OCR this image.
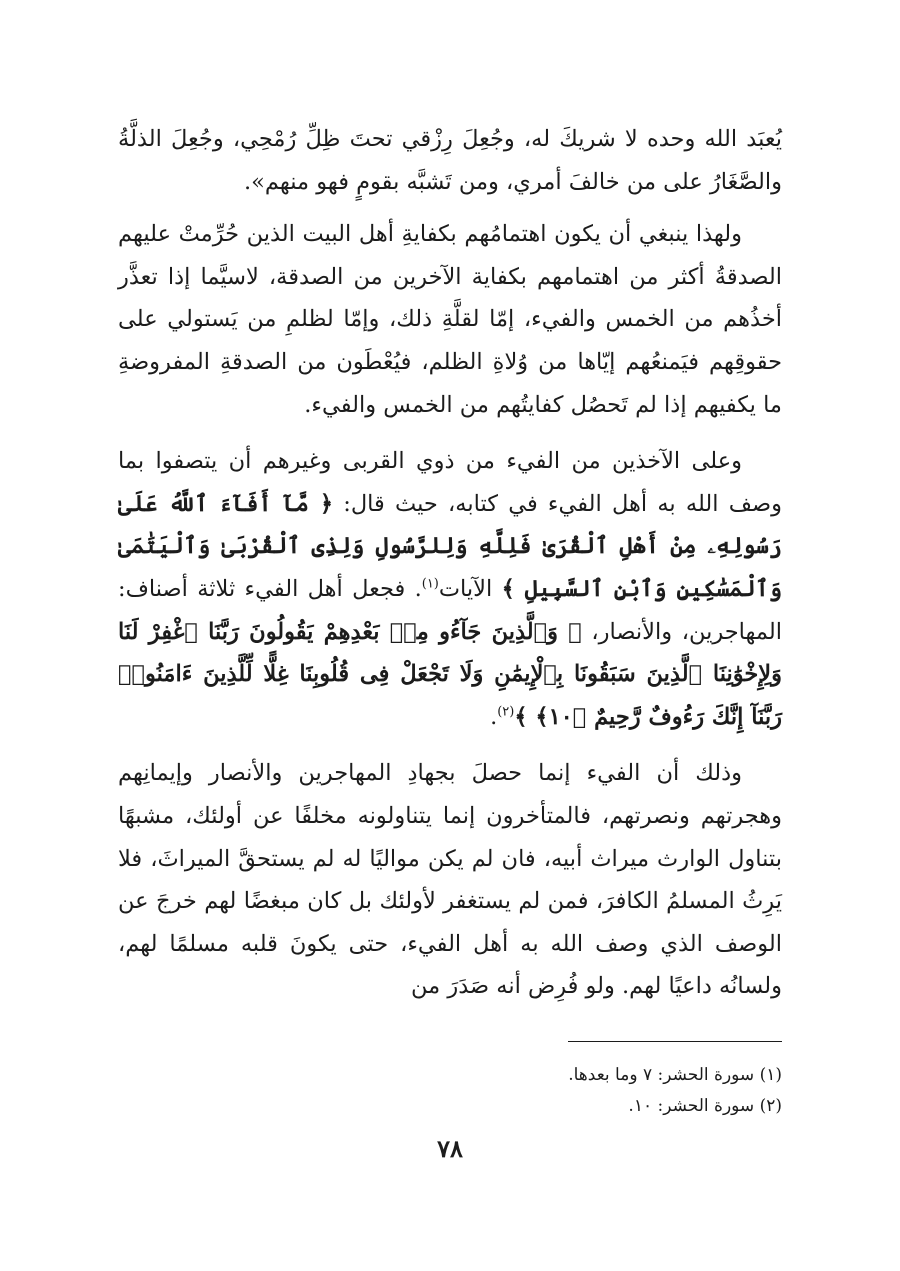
يُعبَد الله وحده لا شريكَ له، وجُعِلَ رِزْقي تحتَ ظِلِّ رُمْحِي، وجُعِلَ الذلَّةُ والصَّغَارُ على من خالفَ أمري، ومن تَشبَّه بقومٍ فهو منهم».

ولهذا ينبغي أن يكون اهتمامُهم بكفايةِ أهل البيت الذين حُرِّمتْ عليهم الصدقةُ أكثر من اهتمامهم بكفاية الآخرين من الصدقة، لاسيَّما إذا تعذَّر أخذُهم من الخمس والفيء، إمّا لقلَّةِ ذلك، وإمّا لظلمِ من يَستولي على حقوقِهم فيَمنعُهم إيّاها من وُلاةِ الظلم، فيُعْطَون من الصدقةِ المفروضةِ ما يكفيهم إذا لم تَحصُل كفايتُهم من الخمس والفيء.

وعلى الآخذين من الفيء من ذوي القربى وغيرهم أن يتصفوا بما وصف الله به أهل الفيء في كتابه، حيث قال: ﴿ مَّآ أَفَآءَ ٱللَّهُ عَلَىٰ رَسُولِهِۦ مِنْ أَهْلِ ٱلْقُرَىٰ فَلِلَّهِ وَلِلرَّسُولِ وَلِذِى ٱلْقُرْبَىٰ وَٱلْيَتَٰمَىٰ وَٱلْمَسَٰكِينِ وَٱبْنِ ٱلسَّبِيلِ ﴾ الآيات$^{(١)}$. فجعل أهل الفيء ثلاثة أصناف: المهاجرين، والأنصار، ﴿ وَٱلَّذِينَ جَآءُو مِنۢ بَعْدِهِمْ يَقُولُونَ رَبَّنَا ٱغْفِرْ لَنَا وَلِإِخْوَٰنِنَا ٱلَّذِينَ سَبَقُونَا بِٱلْإِيمَٰنِ وَلَا تَجْعَلْ فِى قُلُوبِنَا غِلًّا لِّلَّذِينَ ءَامَنُوا۟ رَبَّنَآ إِنَّكَ رَءُوفٌ رَّحِيمٌ ﴿١٠﴾ ﴾$^{(٢)}$.

وذلك أن الفيء إنما حصلَ بجهادِ المهاجرين والأنصار وإيمانِهم وهجرتهم ونصرتهم، فالمتأخرون إنما يتناولونه مخلفًا عن أولئك، مشبهًا بتناول الوارث ميراث أبيه، فان لم يكن مواليًا له لم يستحقَّ الميراثَ، فلا يَرِثُ المسلمُ الكافرَ، فمن لم يستغفر لأولئك بل كان مبغضًا لهم خرجَ عن الوصف الذي وصف الله به أهل الفيء، حتى يكونَ قلبه مسلمًا لهم، ولسانُه داعيًا لهم. ولو فُرِض أنه صَدَرَ من

(١) سورة الحشر: ٧ وما بعدها.

(٢) سورة الحشر: ١٠.

٧٨
